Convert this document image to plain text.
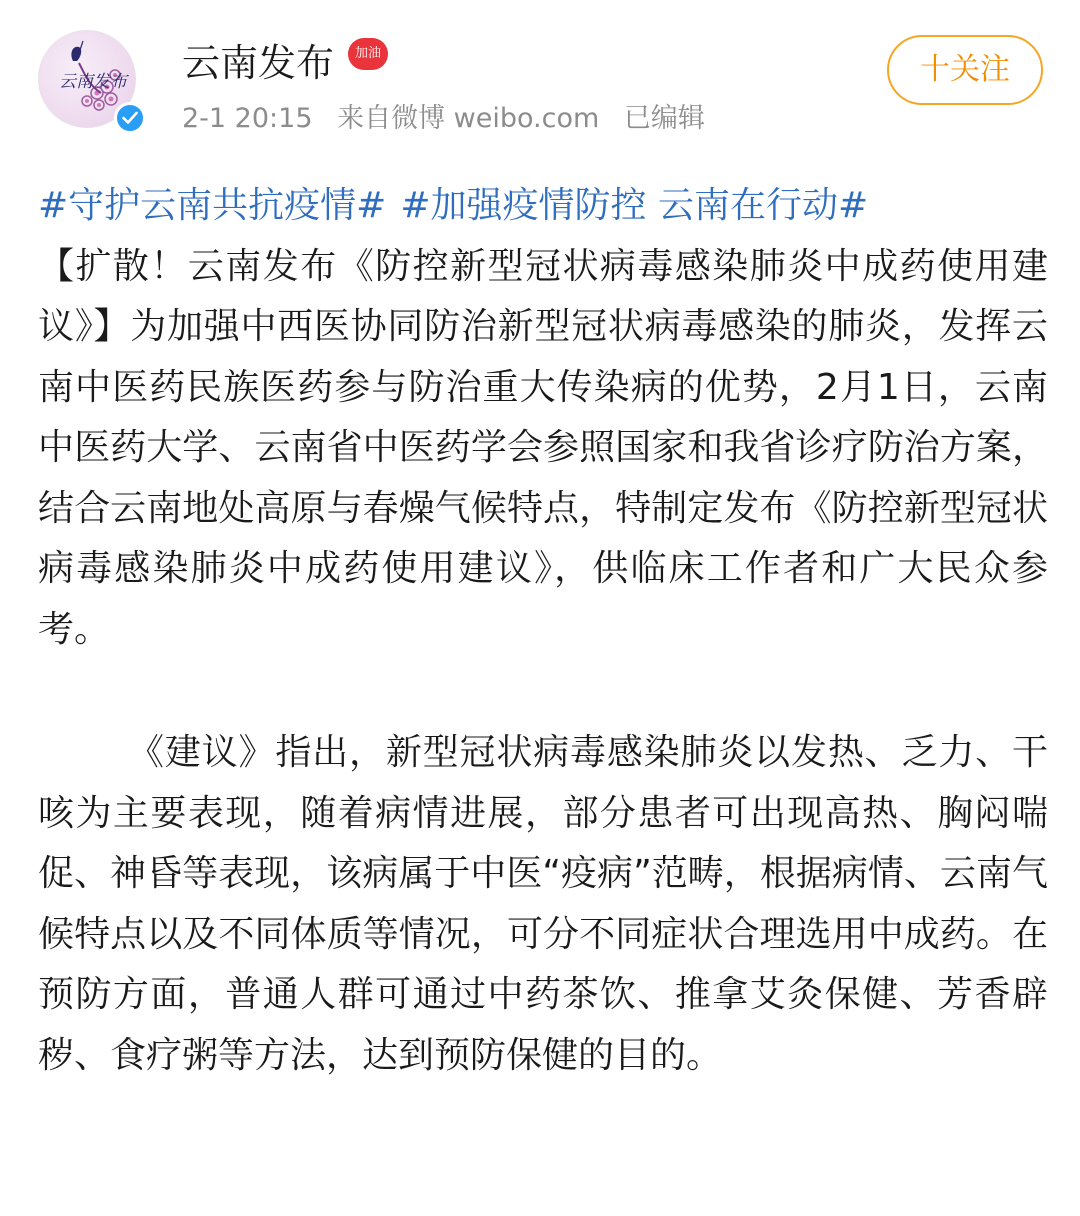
云南发布 云南发布	加油
2-1 20:15 来自微博 weibo.com 已编辑
十关注
#守护云南共抗疫情# #加强疫情防控 云南在行动#

【扩散！云南发布《防控新型冠状病毒感染肺炎中成药使用建议》】为加强中西医协同防治新型冠状病毒感染的肺炎，发挥云南中医药民族医药参与防治重大传染病的优势，2月1日，云南中医药大学、云南省中医药学会参照国家和我省诊疗防治方案，结合云南地处高原与春燥气候特点，特制定发布《防控新型冠状病毒感染肺炎中成药使用建议》，供临床工作者和广大民众参考。

《建议》指出，新型冠状病毒感染肺炎以发热、乏力、干咳为主要表现，随着病情进展，部分患者可出现高热、胸闷喘促、神昏等表现，该病属于中医“疫病”范畴，根据病情、云南气候特点以及不同体质等情况，可分不同症状合理选用中成药。在预防方面，普通人群可通过中药茶饮、推拿艾灸保健、芳香辟秽、食疗粥等方法，达到预防保健的目的。
